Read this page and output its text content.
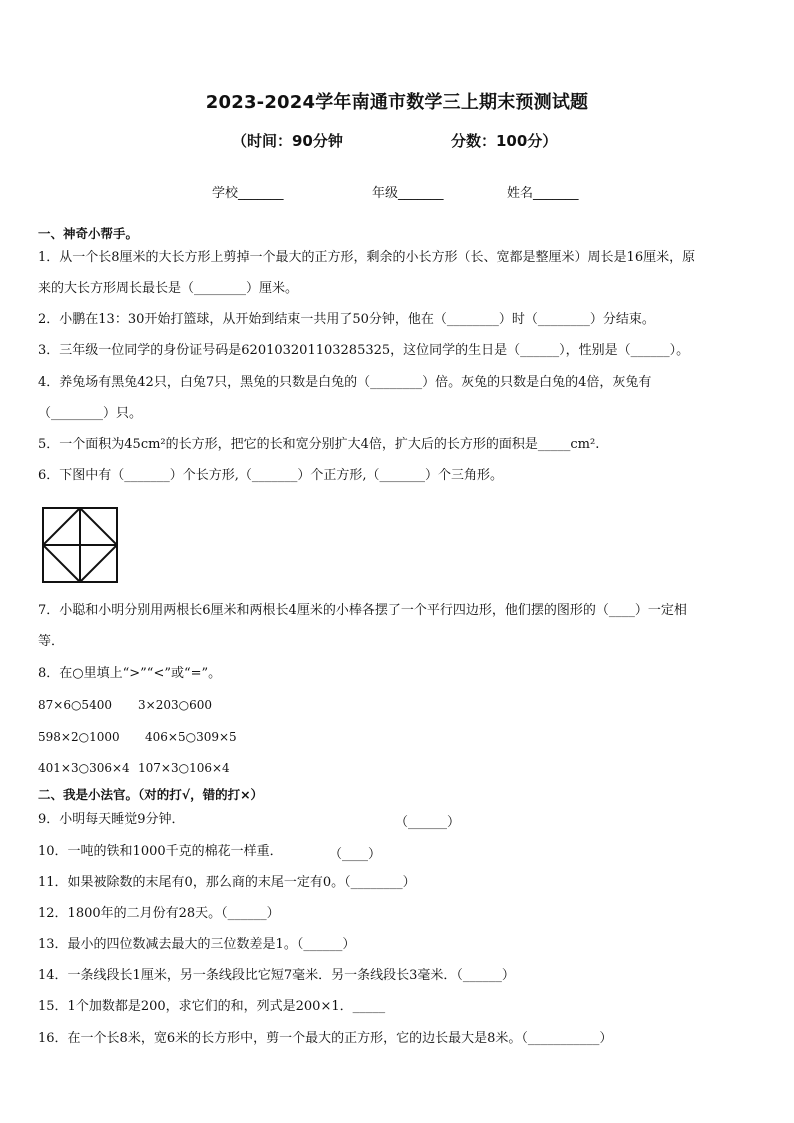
2023-2024学年南通市数学三上期末预测试题
（时间：90分钟	分数：100分）
学校_______	年级_______	姓名_______
一、神奇小帮手。
1．从一个长8厘米的大长方形上剪掉一个最大的正方形，剩余的小长方形（长、宽都是整厘米）周长是16厘米，原
来的大长方形周长最长是（________）厘米。
2．小鹏在13：30开始打篮球，从开始到结束一共用了50分钟，他在（________）时（________）分结束。
3．三年级一位同学的身份证号码是620103201103285325，这位同学的生日是（______），性别是（______）。
4．养兔场有黑兔42只，白兔7只，黑兔的只数是白兔的（________）倍。灰兔的只数是白兔的4倍，灰兔有
（________）只。
5．一个面积为45cm²的长方形，把它的长和宽分别扩大4倍，扩大后的长方形的面积是_____cm².
6．下图中有（_______）个长方形,（_______）个正方形,（_______）个三角形。
7．小聪和小明分别用两根长6厘米和两根长4厘米的小棒各摆了一个平行四边形，他们摆的图形的（____）一定相
等．
8．在○里填上“>”“<”或“=”。
87×6○5400 3×203○600
598×2○1000 406×5○309×5
401×3○306×4 107×3○106×4
二、我是小法官。（对的打√，错的打×）
9．小明每天睡觉9分钟．	（______）
10．一吨的铁和1000千克的棉花一样重．	（____）
11．如果被除数的末尾有0，那么商的末尾一定有0。（________）
12．1800年的二月份有28天。（______）
13．最小的四位数减去最大的三位数差是1。（______）
14．一条线段长1厘米，另一条线段比它短7毫米．另一条线段长3毫米．（______）
15．1个加数都是200，求它们的和，列式是200×1．_____
16．在一个长8米，宽6米的长方形中，剪一个最大的正方形，它的边长最大是8米。（___________）
